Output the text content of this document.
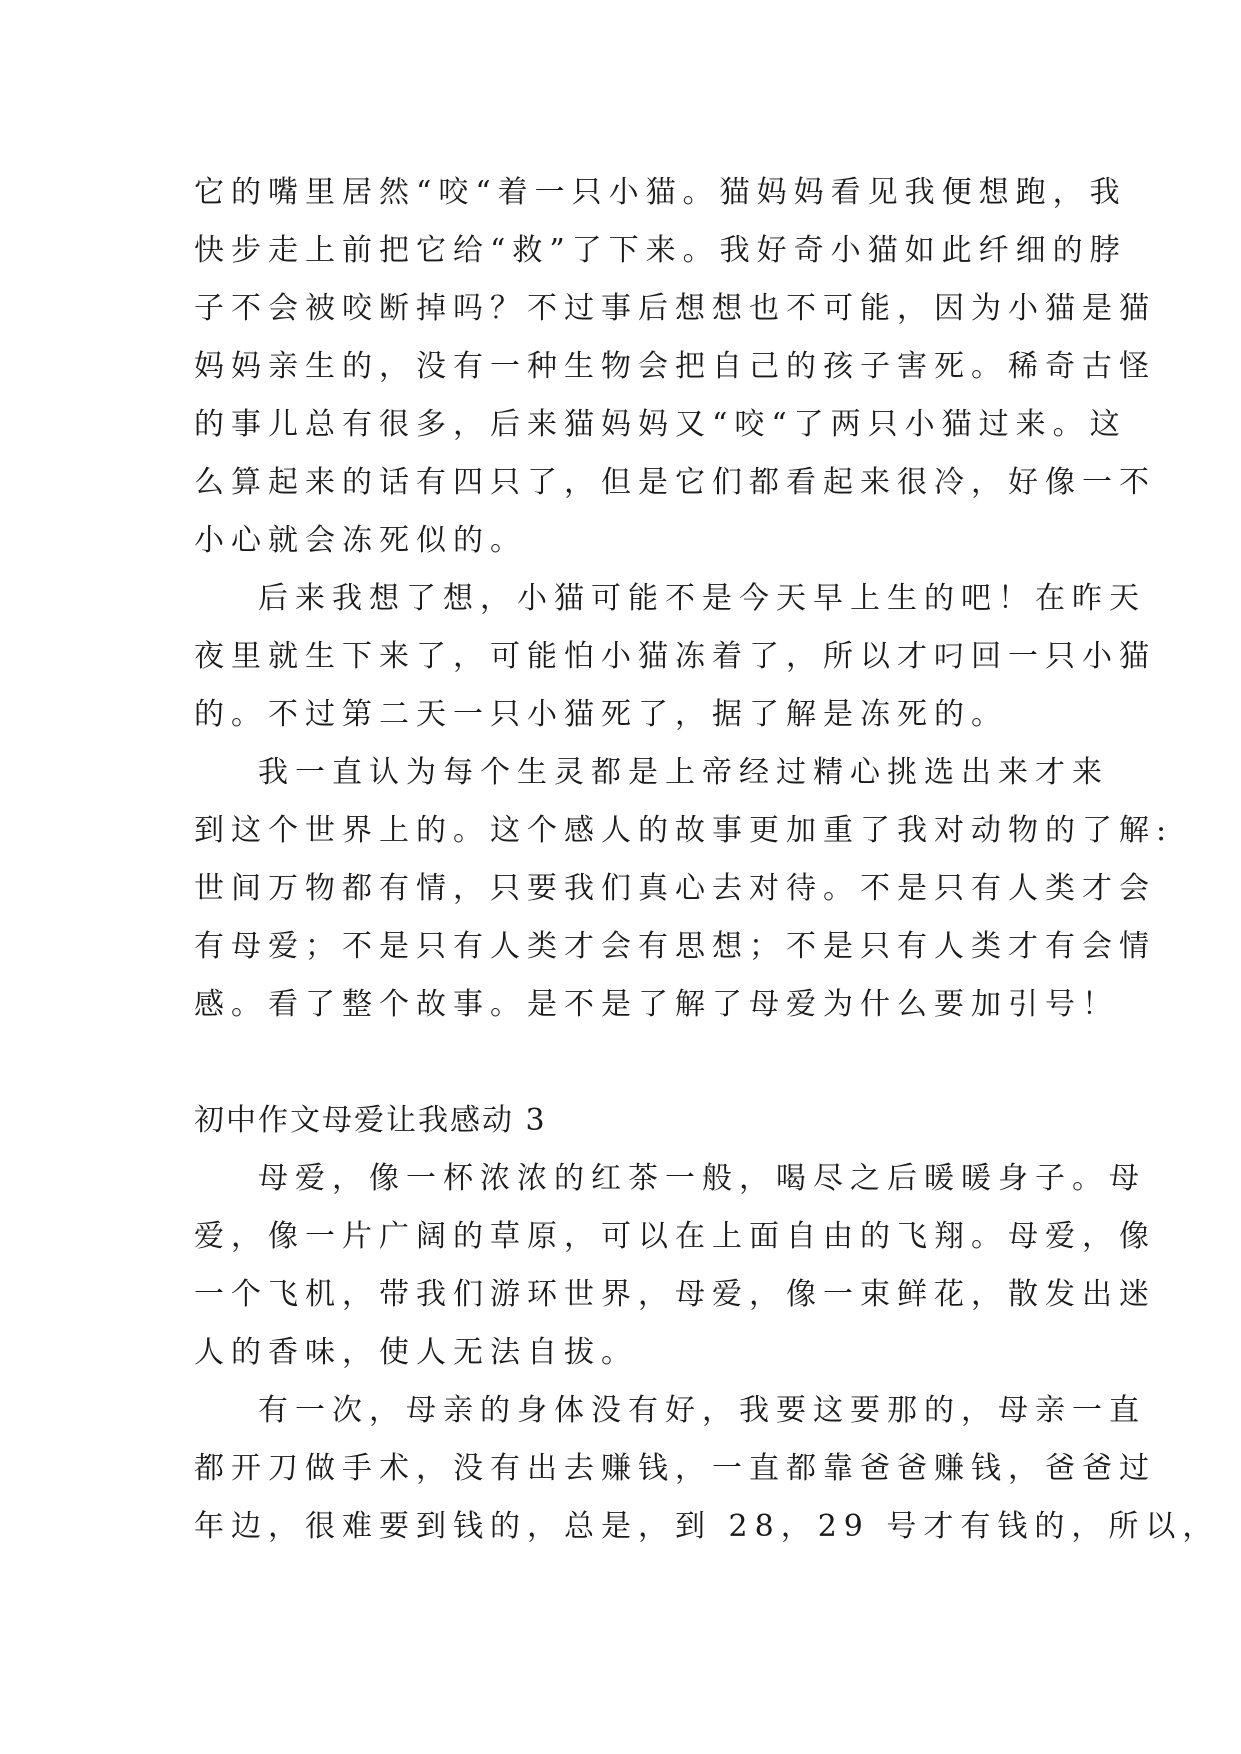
它的嘴里居然“咬“着一只小猫。猫妈妈看见我便想跑，我
快步走上前把它给“救”了下来。我好奇小猫如此纤细的脖
子不会被咬断掉吗？不过事后想想也不可能，因为小猫是猫
妈妈亲生的，没有一种生物会把自己的孩子害死。稀奇古怪
的事儿总有很多，后来猫妈妈又“咬“了两只小猫过来。这
么算起来的话有四只了，但是它们都看起来很冷，好像一不
小心就会冻死似的。
后来我想了想，小猫可能不是今天早上生的吧！在昨天
夜里就生下来了，可能怕小猫冻着了，所以才叼回一只小猫
的。不过第二天一只小猫死了，据了解是冻死的。
我一直认为每个生灵都是上帝经过精心挑选出来才来
到这个世界上的。这个感人的故事更加重了我对动物的了解:
世间万物都有情，只要我们真心去对待。不是只有人类才会
有母爱；不是只有人类才会有思想；不是只有人类才有会情
感。看了整个故事。是不是了解了母爱为什么要加引号！
初中作文母爱让我感动 3
母爱，像一杯浓浓的红茶一般，喝尽之后暖暖身子。母
爱，像一片广阔的草原，可以在上面自由的飞翔。母爱，像
一个飞机，带我们游环世界，母爱，像一束鲜花，散发出迷
人的香味，使人无法自拔。
有一次，母亲的身体没有好，我要这要那的，母亲一直
都开刀做手术，没有出去赚钱，一直都靠爸爸赚钱，爸爸过
年边，很难要到钱的，总是，到 28，29 号才有钱的，所以，
